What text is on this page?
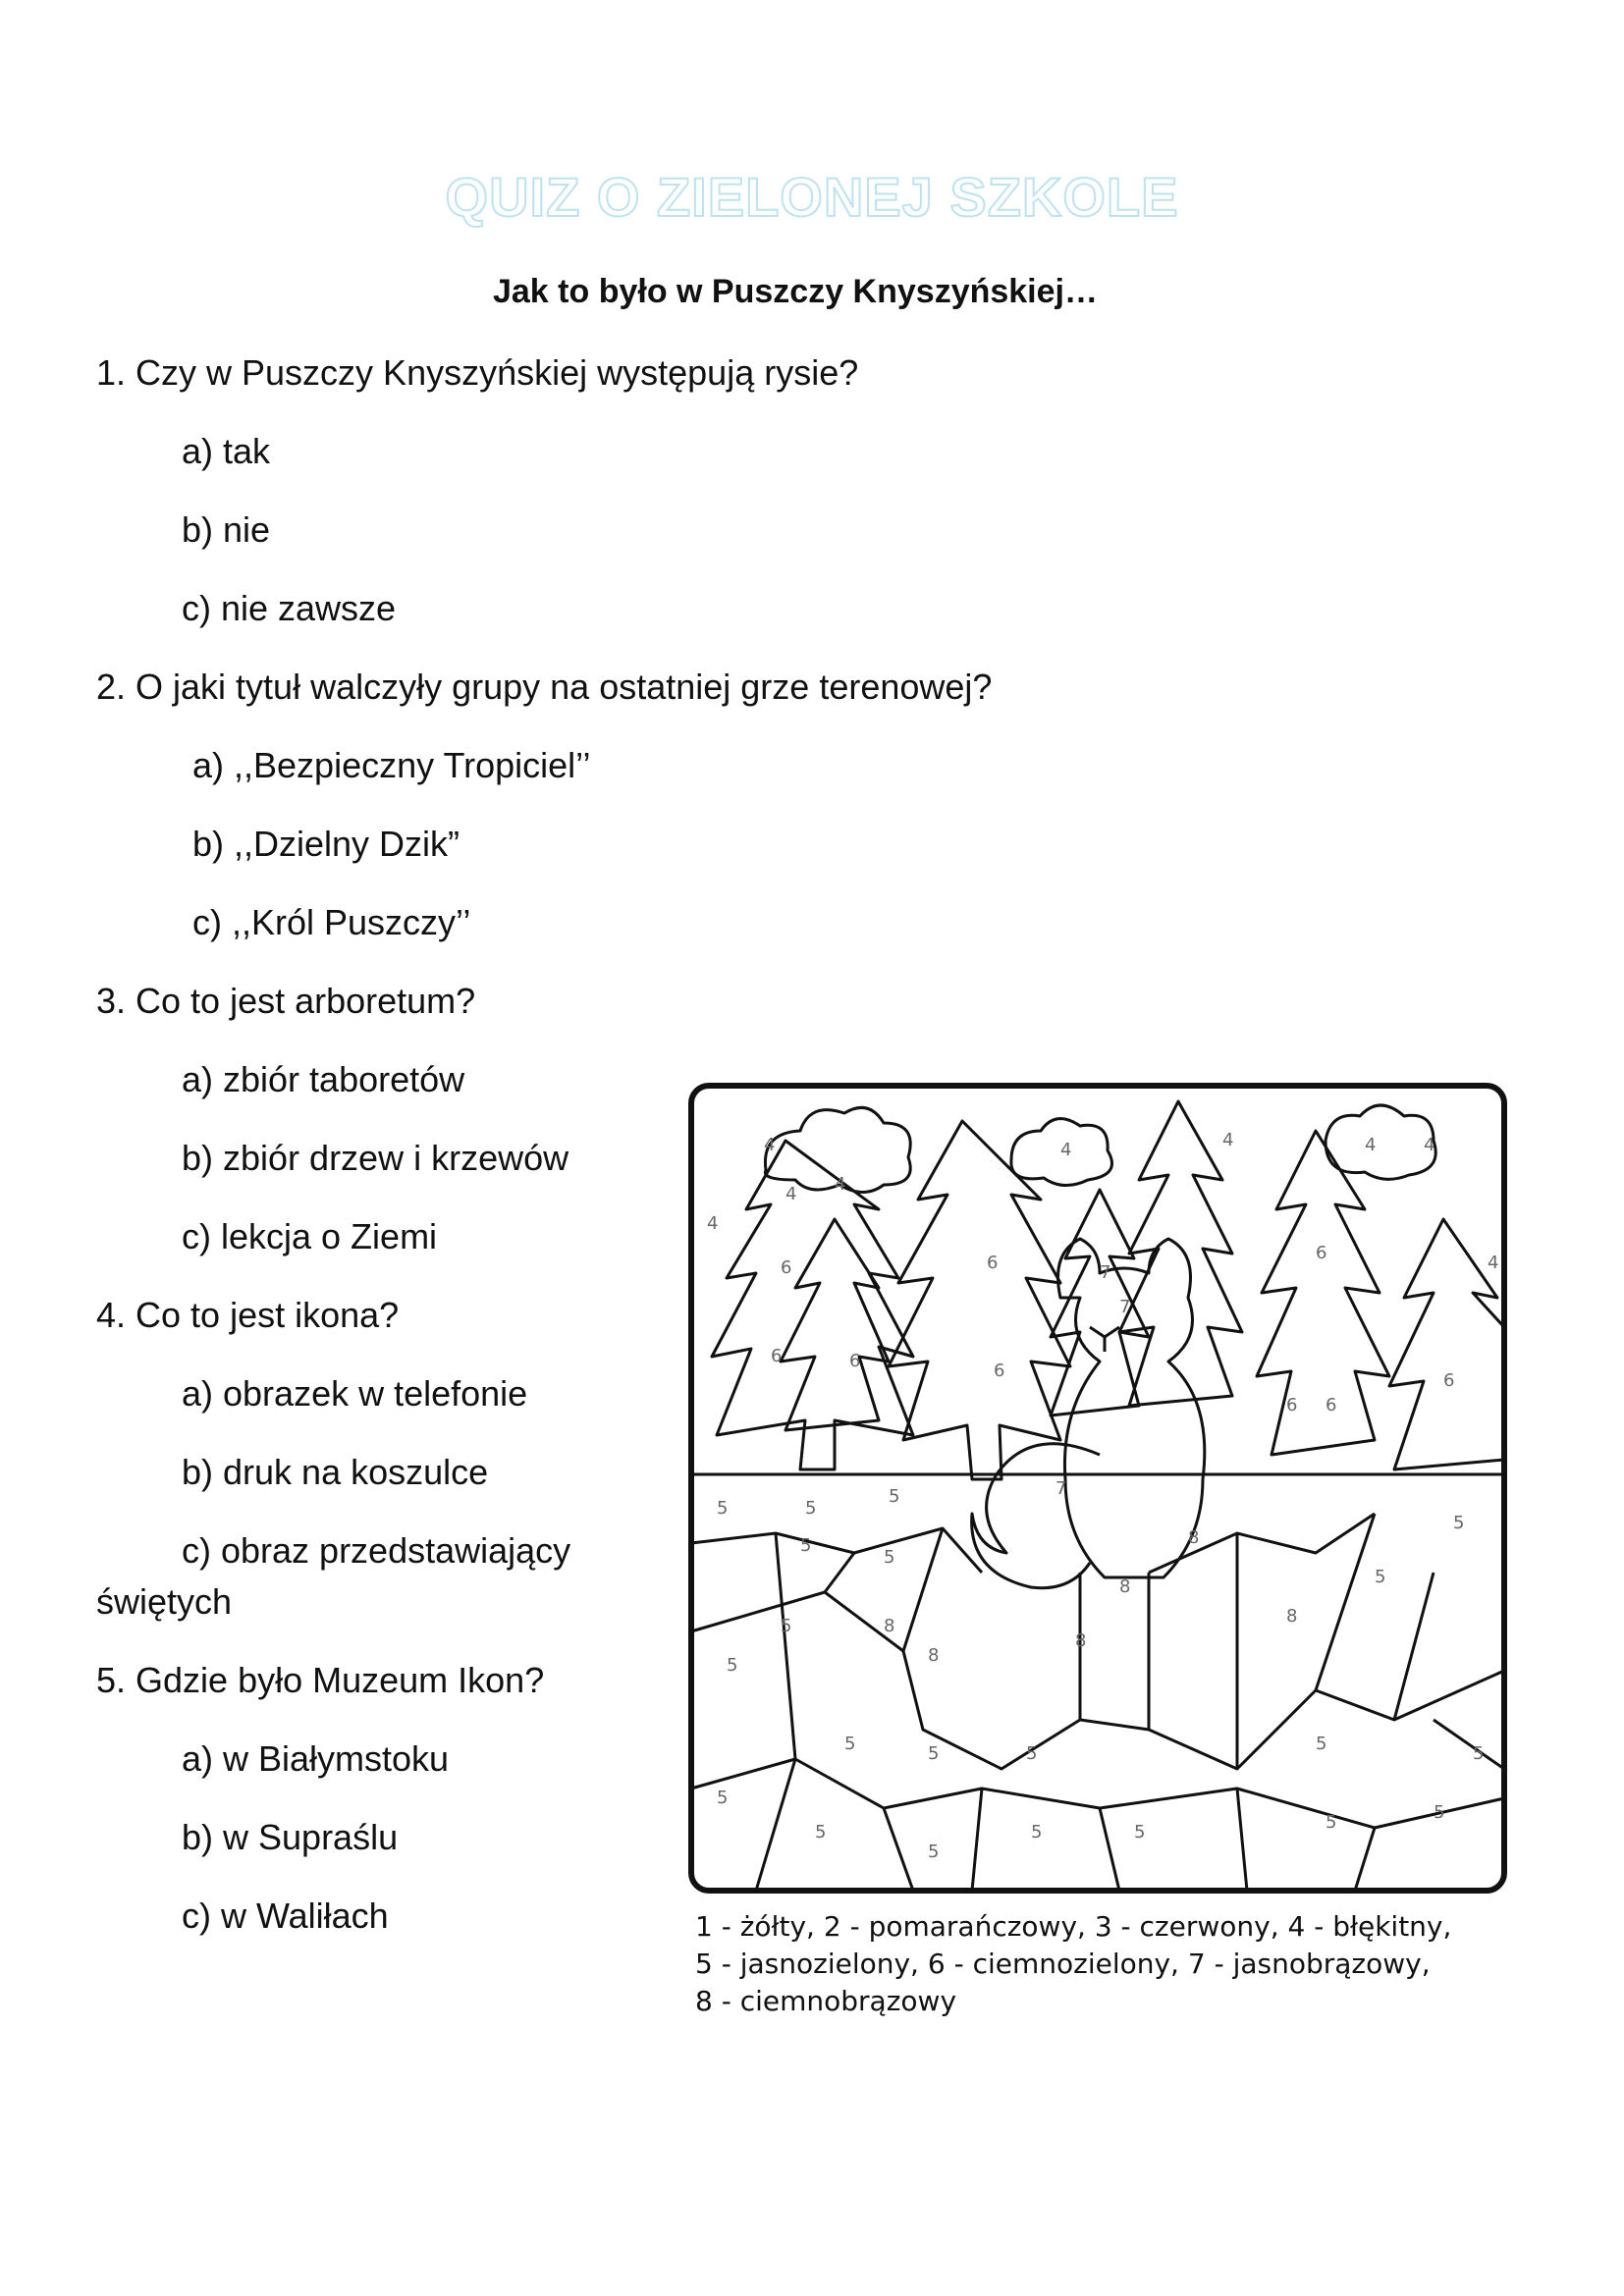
QUIZ O ZIELONEJ SZKOLE
Jak to było w Puszczy Knyszyńskiej…
1. Czy w Puszczy Knyszyńskiej występują rysie?
a) tak
b) nie
c) nie zawsze
2. O jaki tytuł walczyły grupy na ostatniej grze terenowej?
a) ,,Bezpieczny Tropiciel’’
b) ,,Dzielny Dzik”
c) ,,Król Puszczy’’
3. Co to jest arboretum?
a) zbiór taboretów
b) zbiór drzew i krzewów
c) lekcja o Ziemi
4. Co to jest ikona?
a) obrazek w telefonie
b) druk na koszulce
c) obraz przedstawiający
świętych
5. Gdzie było Muzeum Ikon?
a) w Białymstoku
b) w Supraślu
c) w Waliłach
4
4 4
4
4	4	4	4
4
6
6	6
6
6
6
6
6 6
7
7
7
8
8
8
8
8
8
5	5
5
5
5
5
5
5	5	5
5
5
5
5	5
5
5
5
5
5
5
1 - żółty, 2 - pomarańczowy, 3 - czerwony, 4 - błękitny,
5 - jasnozielony, 6 - ciemnozielony, 7 - jasnobrązowy,
8 - ciemnobrązowy
